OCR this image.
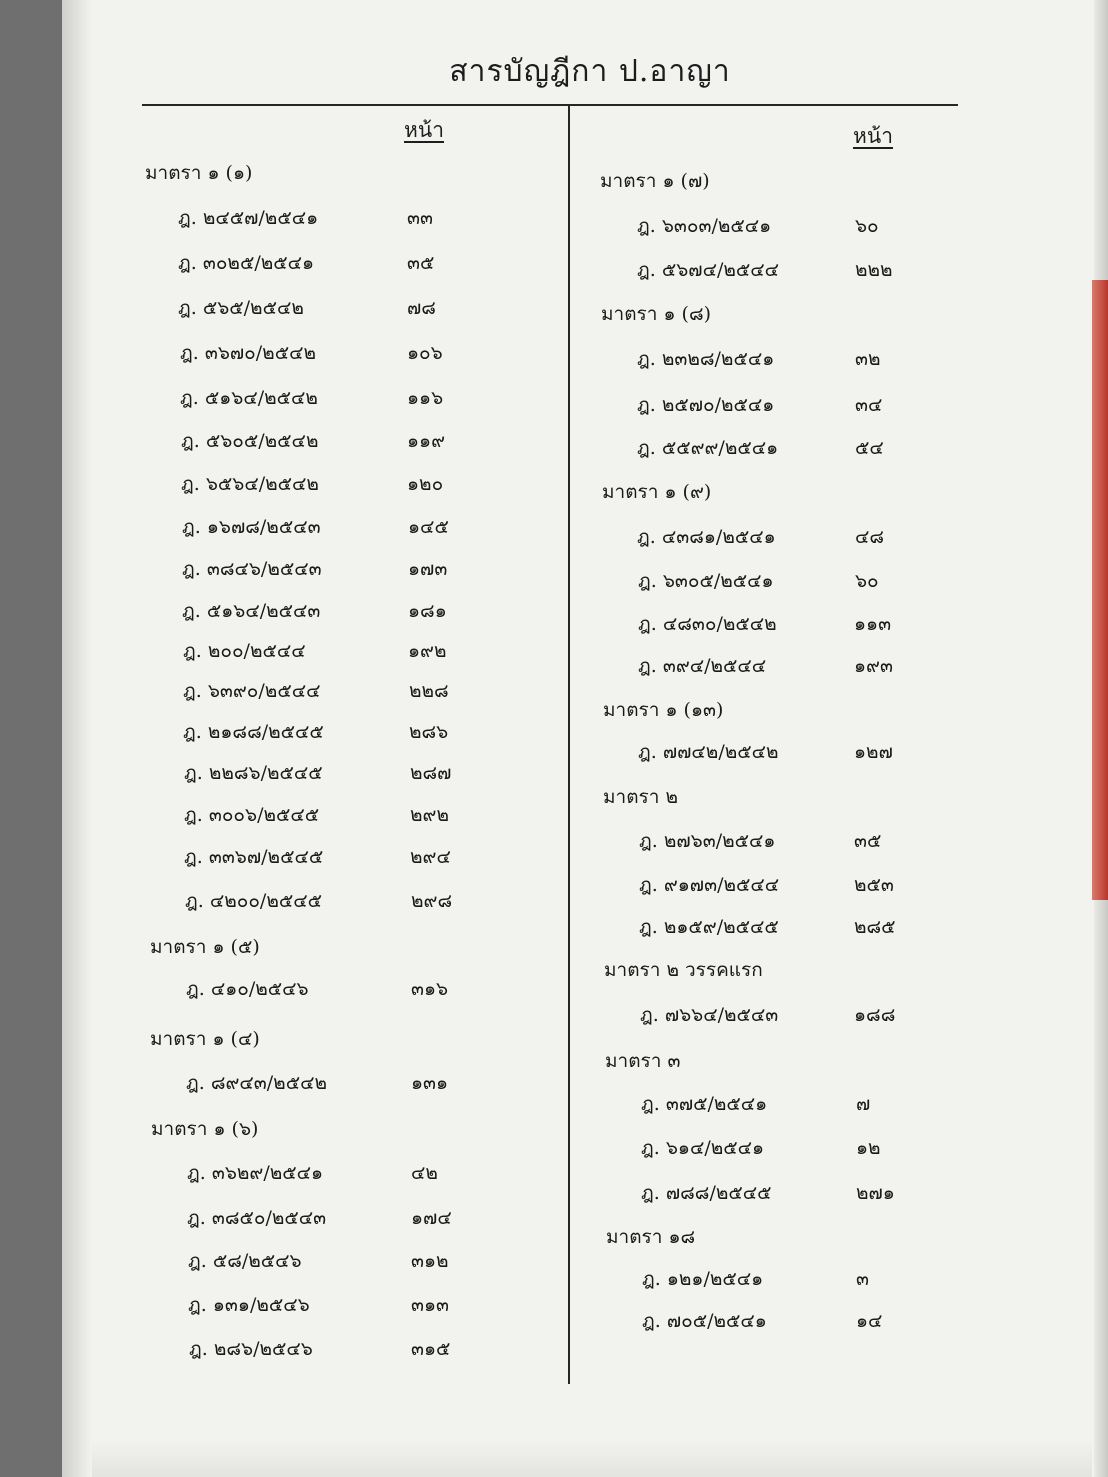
สารบัญฎีกา ป.อาญา
หน้า	หน้า
มาตรา ๑ (๑)
ฎ. ๒๔๕๗/๒๕๔๑	๓๓
ฎ. ๓๐๒๕/๒๕๔๑	๓๕
ฎ. ๕๖๕/๒๕๔๒	๗๘
ฎ. ๓๖๗๐/๒๕๔๒	๑๐๖
ฎ. ๕๑๖๔/๒๕๔๒	๑๑๖
ฎ. ๕๖๐๕/๒๕๔๒	๑๑๙
ฎ. ๖๕๖๔/๒๕๔๒	๑๒๐
ฎ. ๑๖๗๘/๒๕๔๓	๑๔๕
ฎ. ๓๘๔๖/๒๕๔๓	๑๗๓
ฎ. ๕๑๖๔/๒๕๔๓	๑๘๑
ฎ. ๒๐๐/๒๕๔๔	๑๙๒
ฎ. ๖๓๙๐/๒๕๔๔	๒๒๘
ฎ. ๒๑๘๘/๒๕๔๕	๒๘๖
ฎ. ๒๒๘๖/๒๕๔๕	๒๘๗
ฎ. ๓๐๐๖/๒๕๔๕	๒๙๒
ฎ. ๓๓๖๗/๒๕๔๕	๒๙๔
ฎ. ๔๒๐๐/๒๕๔๕	๒๙๘
มาตรา ๑ (๕)
ฎ. ๔๑๐/๒๕๔๖	๓๑๖
มาตรา ๑ (๔)
ฎ. ๘๙๔๓/๒๕๔๒	๑๓๑
มาตรา ๑ (๖)
ฎ. ๓๖๒๙/๒๕๔๑	๔๒
ฎ. ๓๘๕๐/๒๕๔๓	๑๗๔
ฎ. ๕๘/๒๕๔๖	๓๑๒
ฎ. ๑๓๑/๒๕๔๖	๓๑๓
ฎ. ๒๘๖/๒๕๔๖	๓๑๕
มาตรา ๑ (๗)
ฎ. ๖๓๐๓/๒๕๔๑	๖๐
ฎ. ๕๖๗๔/๒๕๔๔	๒๒๒
มาตรา ๑ (๘)
ฎ. ๒๓๒๘/๒๕๔๑	๓๒
ฎ. ๒๕๗๐/๒๕๔๑	๓๔
ฎ. ๕๕๙๙/๒๕๔๑	๕๔
มาตรา ๑ (๙)
ฎ. ๔๓๘๑/๒๕๔๑	๔๘
ฎ. ๖๓๐๕/๒๕๔๑	๖๐
ฎ. ๔๘๓๐/๒๕๔๒	๑๑๓
ฎ. ๓๙๔/๒๕๔๔	๑๙๓
มาตรา ๑ (๑๓)
ฎ. ๗๗๔๒/๒๕๔๒	๑๒๗
มาตรา ๒
ฎ. ๒๗๖๓/๒๕๔๑	๓๕
ฎ. ๙๑๗๓/๒๕๔๔	๒๕๓
ฎ. ๒๑๕๙/๒๕๔๕	๒๘๕
มาตรา ๒ วรรคแรก
ฎ. ๗๖๖๔/๒๕๔๓	๑๘๘
มาตรา ๓
ฎ. ๓๗๕/๒๕๔๑	๗
ฎ. ๖๑๔/๒๕๔๑	๑๒
ฎ. ๗๘๘/๒๕๔๕	๒๗๑
มาตรา ๑๘
ฎ. ๑๒๑/๒๕๔๑	๓
ฎ. ๗๐๕/๒๕๔๑	๑๔
